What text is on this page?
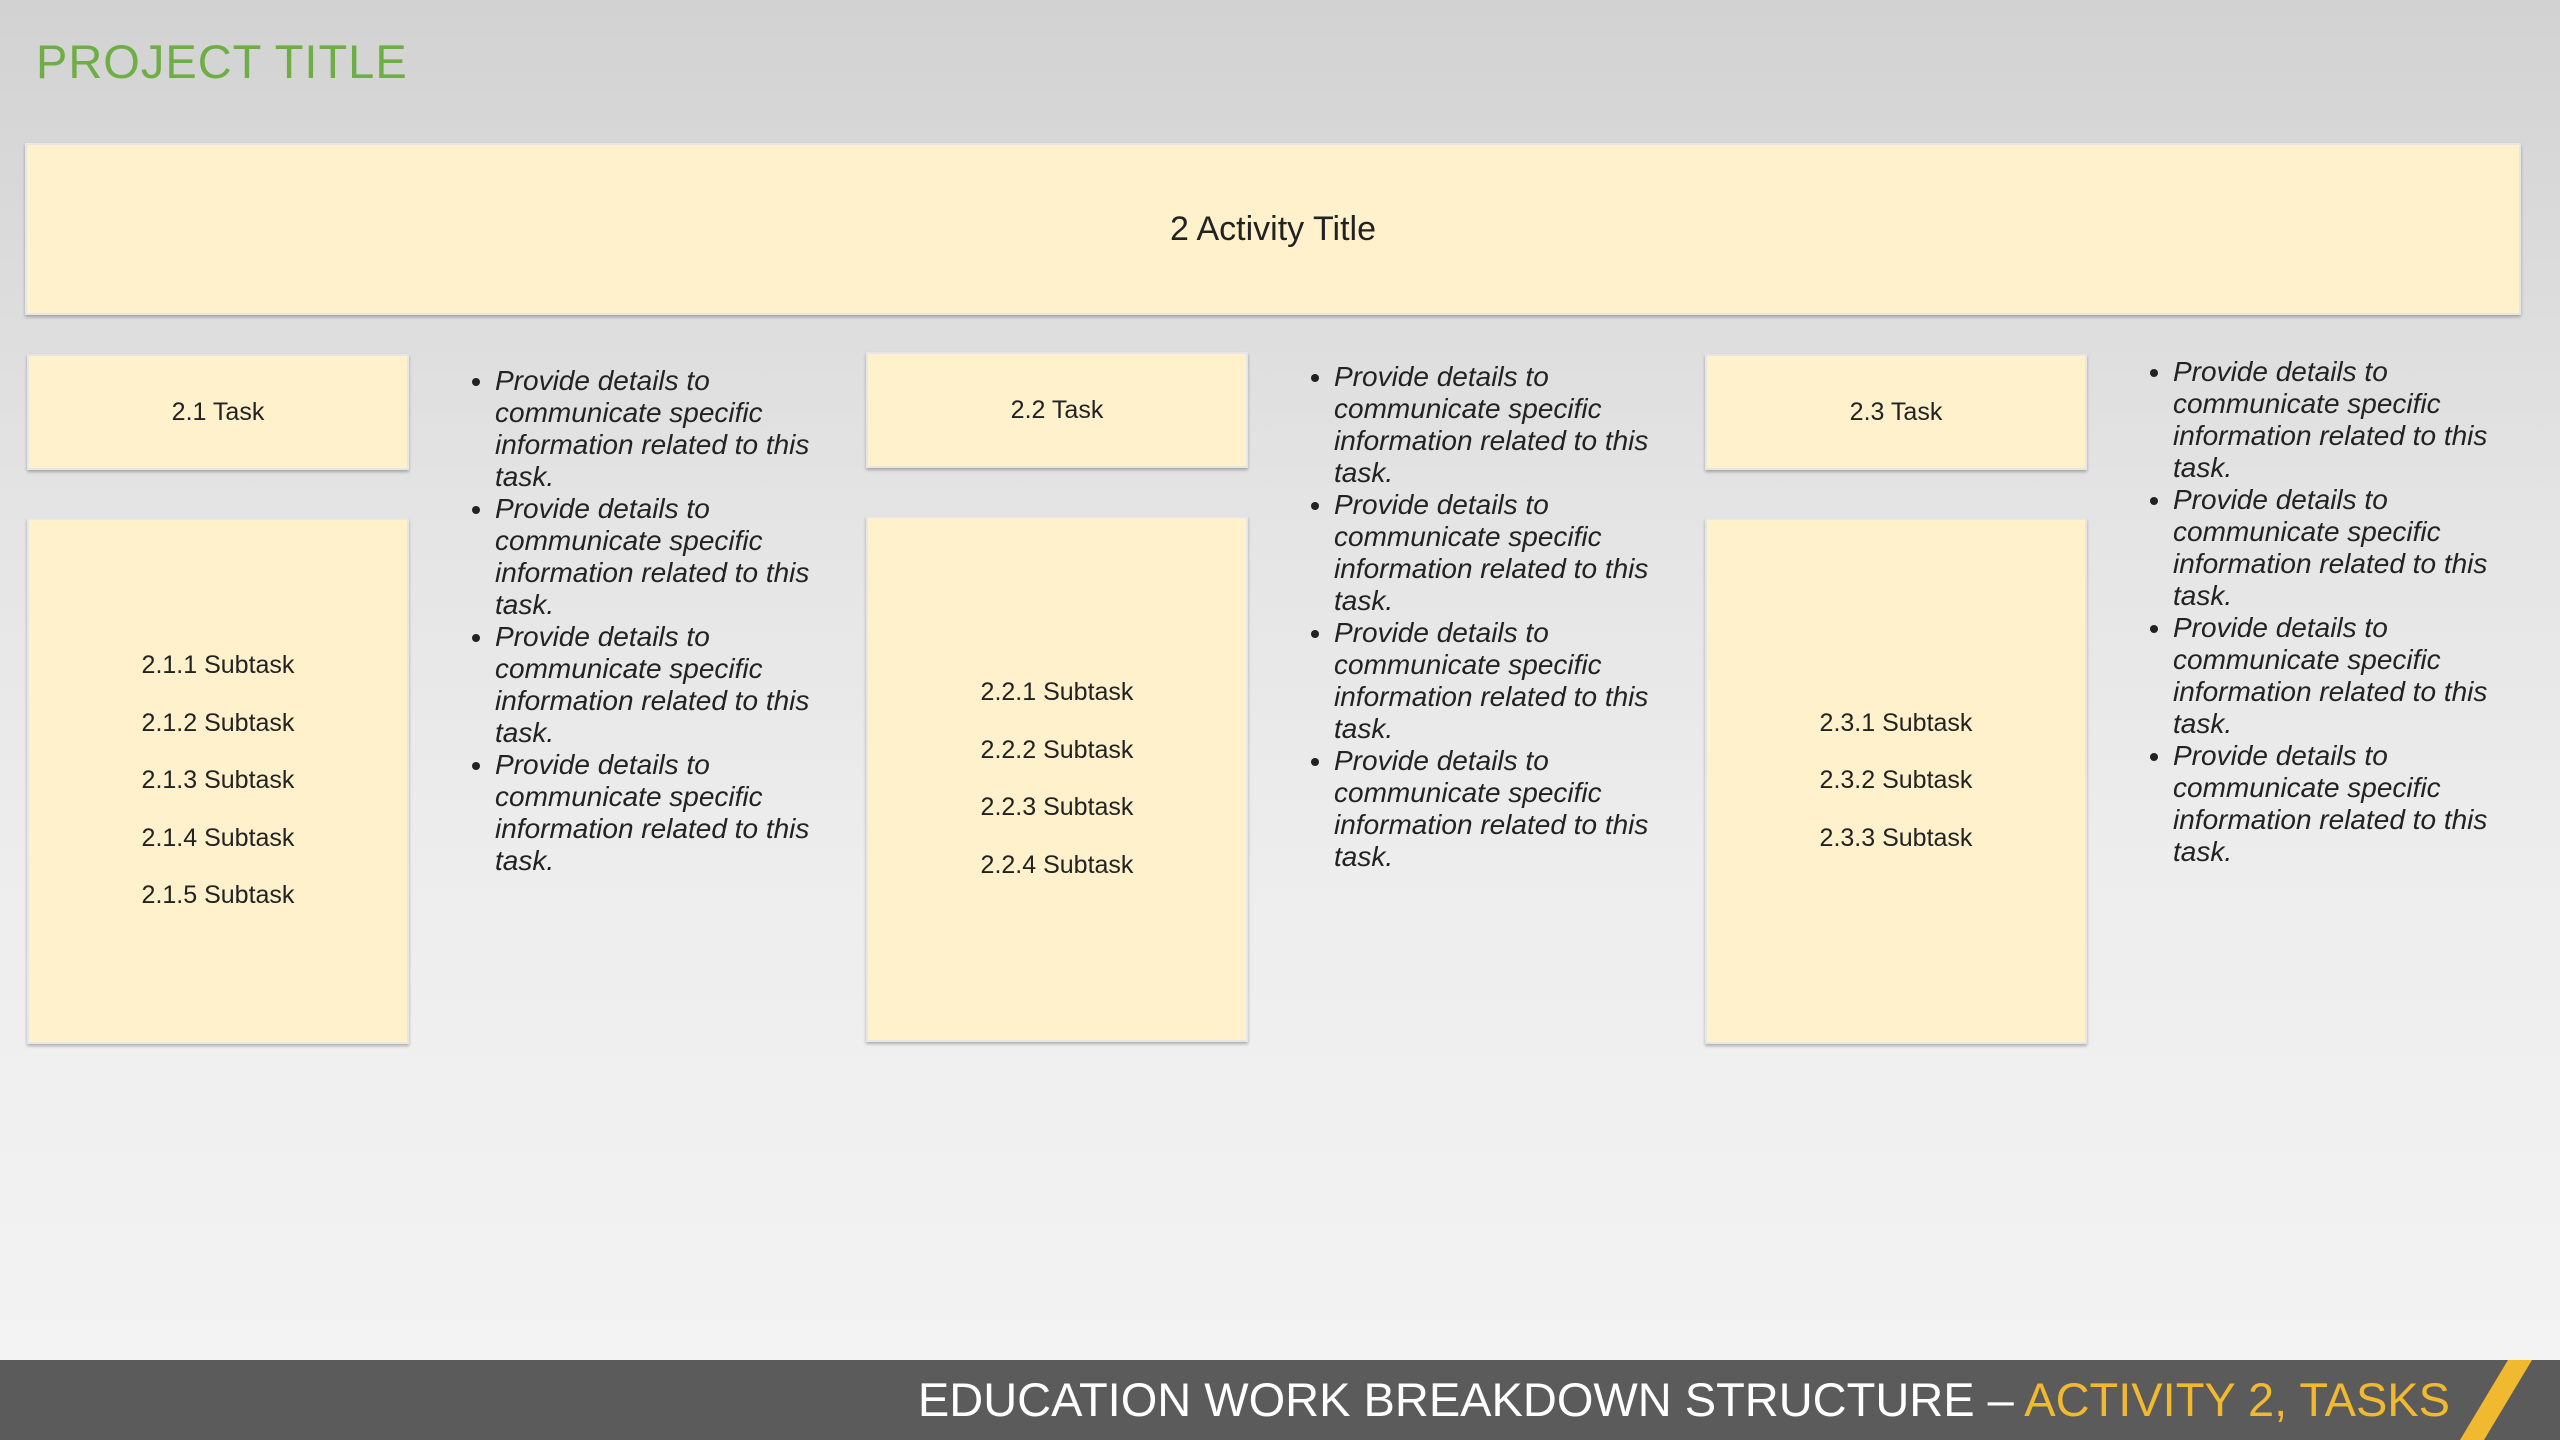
PROJECT TITLE
2 Activity Title
2.1 Task
2.1.1 Subtask
2.1.2 Subtask
2.1.3 Subtask
2.1.4 Subtask
2.1.5 Subtask
• Provide details to communicate specific information related to this task.
• Provide details to communicate specific information related to this task.
• Provide details to communicate specific information related to this task.
• Provide details to communicate specific information related to this task.
2.2 Task
2.2.1 Subtask
2.2.2 Subtask
2.2.3 Subtask
2.2.4 Subtask
• Provide details to communicate specific information related to this task.
• Provide details to communicate specific information related to this task.
• Provide details to communicate specific information related to this task.
• Provide details to communicate specific information related to this task.
2.3 Task
2.3.1 Subtask
2.3.2 Subtask
2.3.3 Subtask
• Provide details to communicate specific information related to this task.
• Provide details to communicate specific information related to this task.
• Provide details to communicate specific information related to this task.
• Provide details to communicate specific information related to this task.
EDUCATION WORK BREAKDOWN STRUCTURE – ACTIVITY 2, TASKS
